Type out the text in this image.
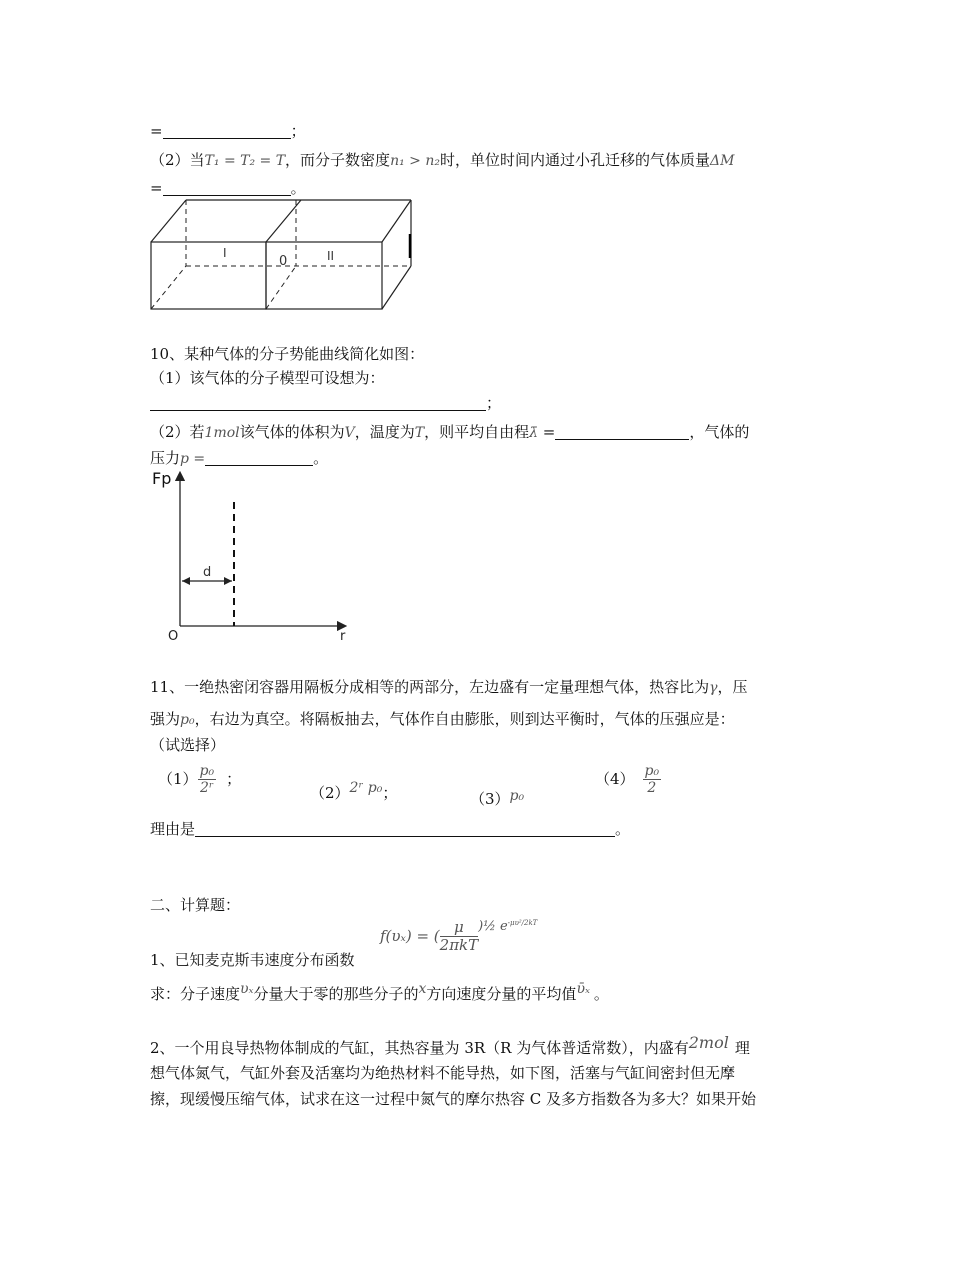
=	；
（2）当T₁ = T₂ = T，而分子数密度n₁ > n₂时，单位时间内通过小孔迁移的气体质量ΔM
=	。
I
0	II
10、某种气体的分子势能曲线简化如图：
（1）该气体的分子模型可设想为：
；
（2）若1mol该气体的体积为V，温度为T，则平均自由程λ̄ =	，气体的
压力p =	。
d
Fp
O	r
11、一绝热密闭容器用隔板分成相等的两部分，左边盛有一定量理想气体，热容比为γ，压
强为p₀，右边为真空。将隔板抽去，气体作自由膨胀，则到达平衡时，气体的压强应是：
（试选择）
$(1) \frac{\text{p₀}}{\text{2ʳ}}$ ；
（2）2ʳ p₀；	（3）p₀
$(4) \frac{\text{p₀}}{2}$
理由是	。
二、计算题：
f(υₓ) = ( $\frac{\mu}{\text{2πkT}}$ )½ $e^{-\mu\upsilon^2/2kT}$
1、已知麦克斯韦速度分布函数
求：分子速度υₓ分量大于零的那些分子的x方向速度分量的平均值ῡₓ 。
2、一个用良导热物体制成的气缸，其热容量为 3R（R 为气体普适常数），内盛有2mol 理
想气体氮气，气缸外套及活塞均为绝热材料不能导热，如下图，活塞与气缸间密封但无摩
擦，现缓慢压缩气体，试求在这一过程中氮气的摩尔热容 C 及多方指数各为多大？如果开始
